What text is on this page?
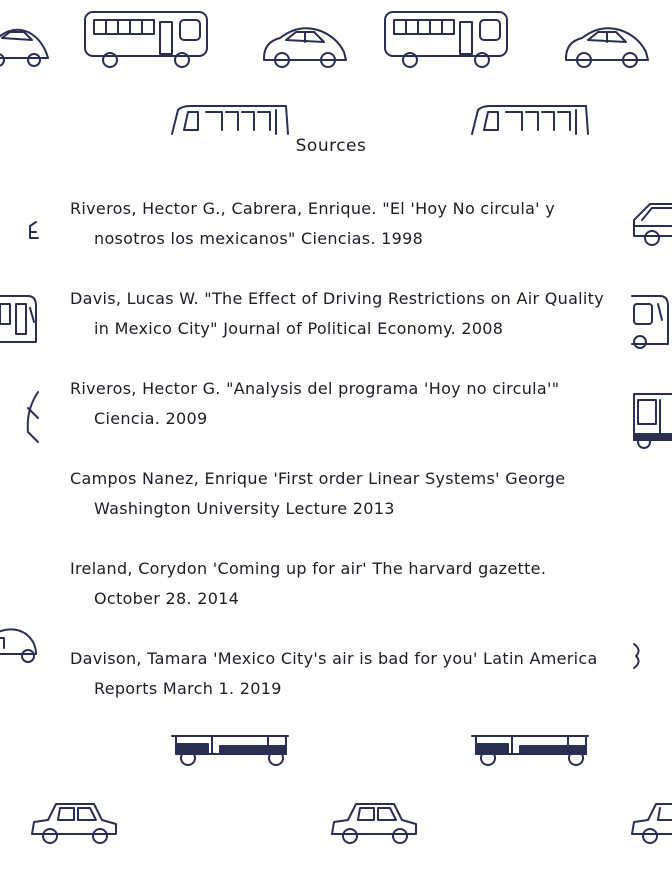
Sources
Riveros, Hector G., Cabrera, Enrique. "El 'Hoy No circula' y nosotros los mexicanos" Ciencias. 1998
Davis, Lucas W. "The Effect of Driving Restrictions on Air Quality in Mexico City" Journal of Political Economy. 2008
Riveros, Hector G. "Analysis del programa 'Hoy no circula'" Ciencia. 2009
Campos Nanez, Enrique 'First order Linear Systems' George Washington University Lecture 2013
Ireland, Corydon 'Coming up for air' The harvard gazette. October 28. 2014
Davison, Tamara 'Mexico City's air is bad for you' Latin America Reports March 1. 2019
